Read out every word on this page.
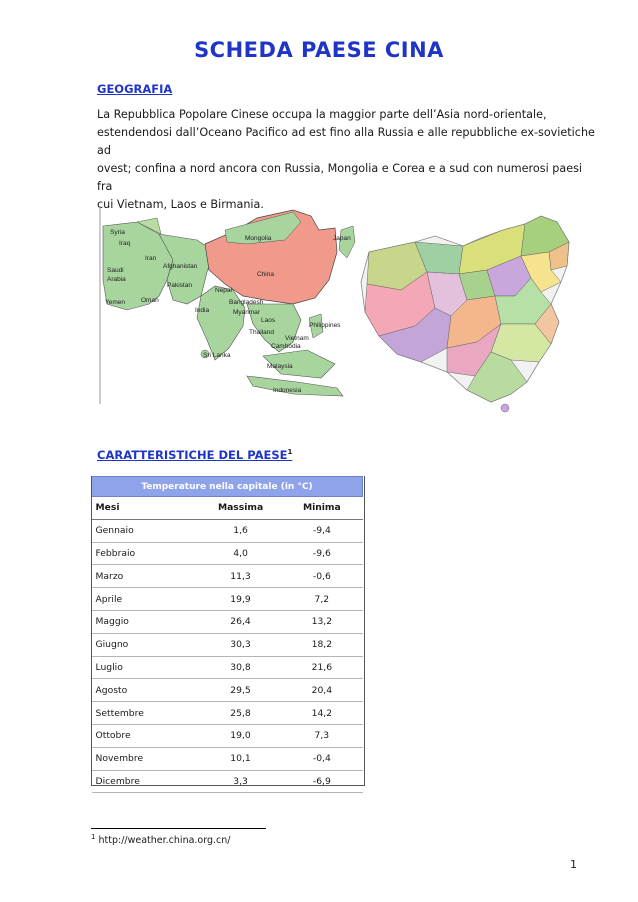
SCHEDA PAESE CINA
GEOGRAFIA
La Repubblica Popolare Cinese occupa la maggior parte dell’Asia nord-orientale,
estendendosi dall’Oceano Pacifico ad est fino alla Russia e alle repubbliche ex-sovietiche ad
ovest; confina a nord ancora con Russia, Mongolia e Corea e a sud con numerosi paesi fra
cui Vietnam, Laos e Birmania.
Syria
Iraq
Iran
Saudi
Arabia
Afghanistan
Pakistan
Yemen Oman
India
Nepal
Mongolia
China
Japan
Bangladesh
Myanmar
Laos
Thailand
Vietnam
Cambodia
Philippines
Sri Lanka
Malaysia
Indonesia
CARATTERISTICHE DEL PAESE$^1$
Temperature nella capitale (in °C)		
Mesi	Massima	Minima
Gennaio	1,6	-9,4
Febbraio	4,0	-9,6
Marzo	11,3	-0,6
Aprile	19,9	7,2
Maggio	26,4	13,2
Giugno	30,3	18,2
Luglio	30,8	21,6
Agosto	29,5	20,4
Settembre	25,8	14,2
Ottobre	19,0	7,3
Novembre	10,1	-0,4
Dicembre	3,3	-6,9
$^1$ http://weather.china.org.cn/
1
